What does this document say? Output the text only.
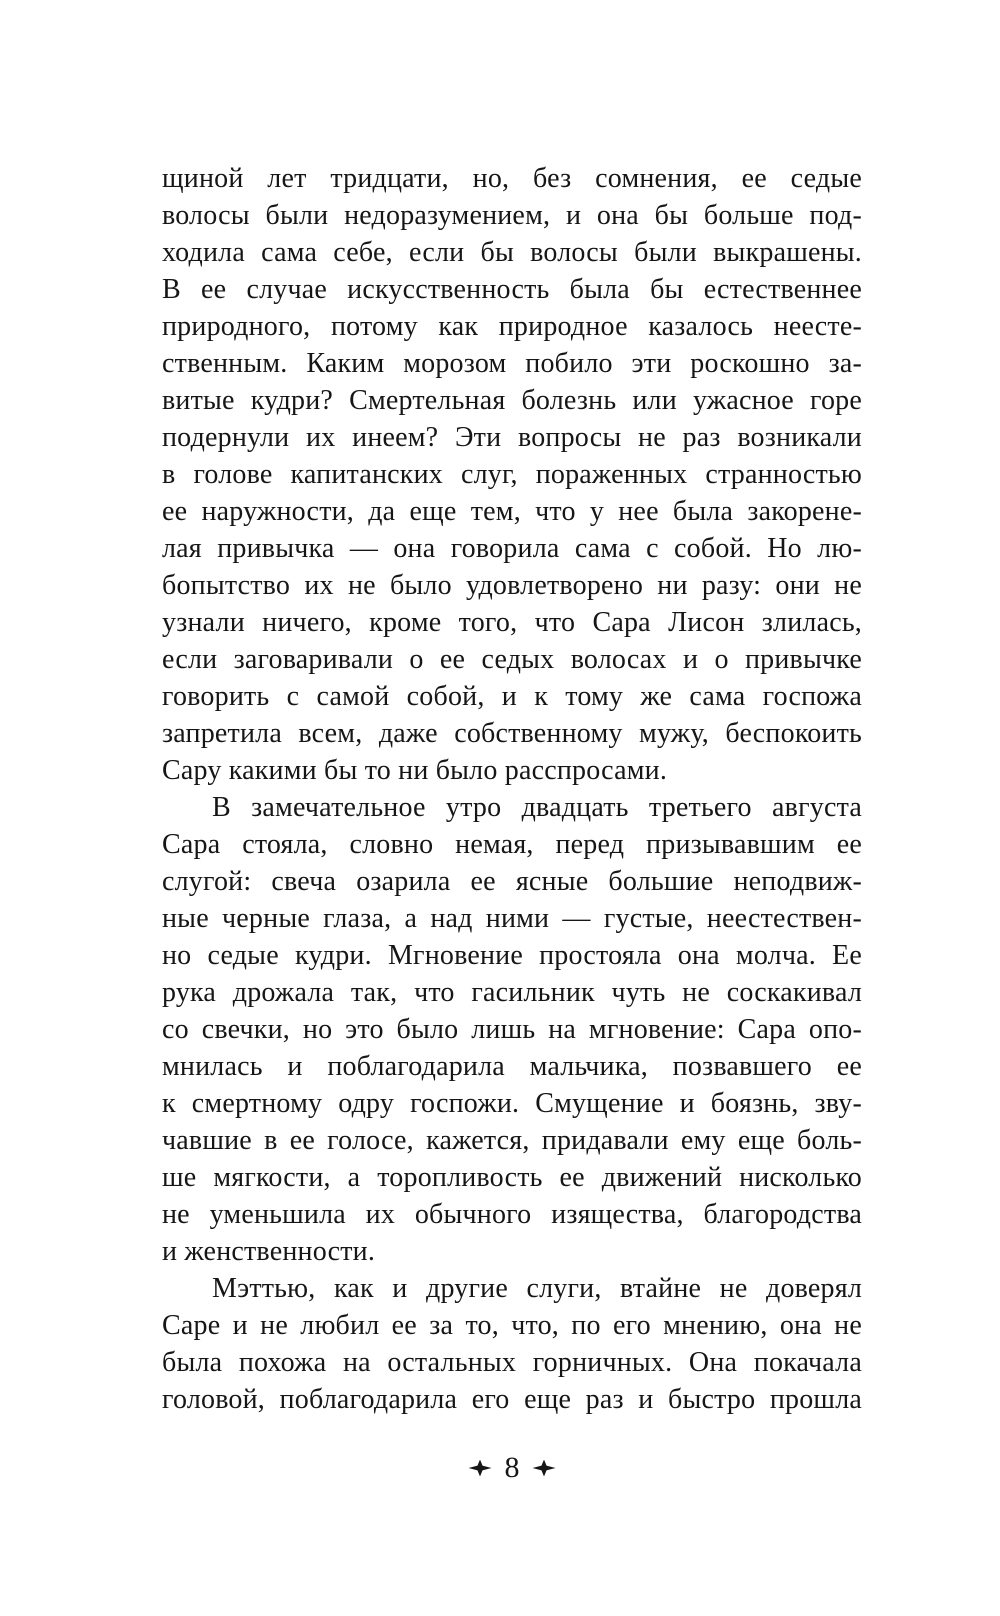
щиной лет тридцати, но, без сомнения, ее седые
волосы были недоразумением, и она бы больше под-
ходила сама себе, если бы волосы были выкрашены.
В ее случае искусственность была бы естественнее
природного, потому как природное казалось неесте-
ственным. Каким морозом побило эти роскошно за-
витые кудри? Смертельная болезнь или ужасное горе
подернули их инеем? Эти вопросы не раз возникали
в голове капитанских слуг, пораженных странностью
ее наружности, да еще тем, что у нее была закорене-
лая привычка — она говорила сама с собой. Но лю-
бопытство их не было удовлетворено ни разу: они не
узнали ничего, кроме того, что Сара Лисон злилась,
если заговаривали о ее седых волосах и о привычке
говорить с самой собой, и к тому же сама госпожа
запретила всем, даже собственному мужу, беспокоить
Сару какими бы то ни было расспросами.
В замечательное утро двадцать третьего августа
Сара стояла, словно немая, перед призывавшим ее
слугой: свеча озарила ее ясные большие неподвиж-
ные черные глаза, а над ними — густые, неестествен-
но седые кудри. Мгновение простояла она молча. Ее
рука дрожала так, что гасильник чуть не соскакивал
со свечки, но это было лишь на мгновение: Сара опо-
мнилась и поблагодарила мальчика, позвавшего ее
к смертному одру госпожи. Смущение и боязнь, зву-
чавшие в ее голосе, кажется, придавали ему еще боль-
ше мягкости, а торопливость ее движений нисколько
не уменьшила их обычного изящества, благородства
и женственности.
Мэттью, как и другие слуги, втайне не доверял
Саре и не любил ее за то, что, по его мнению, она не
была похожа на остальных горничных. Она покачала
головой, поблагодарила его еще раз и быстро прошла
8
